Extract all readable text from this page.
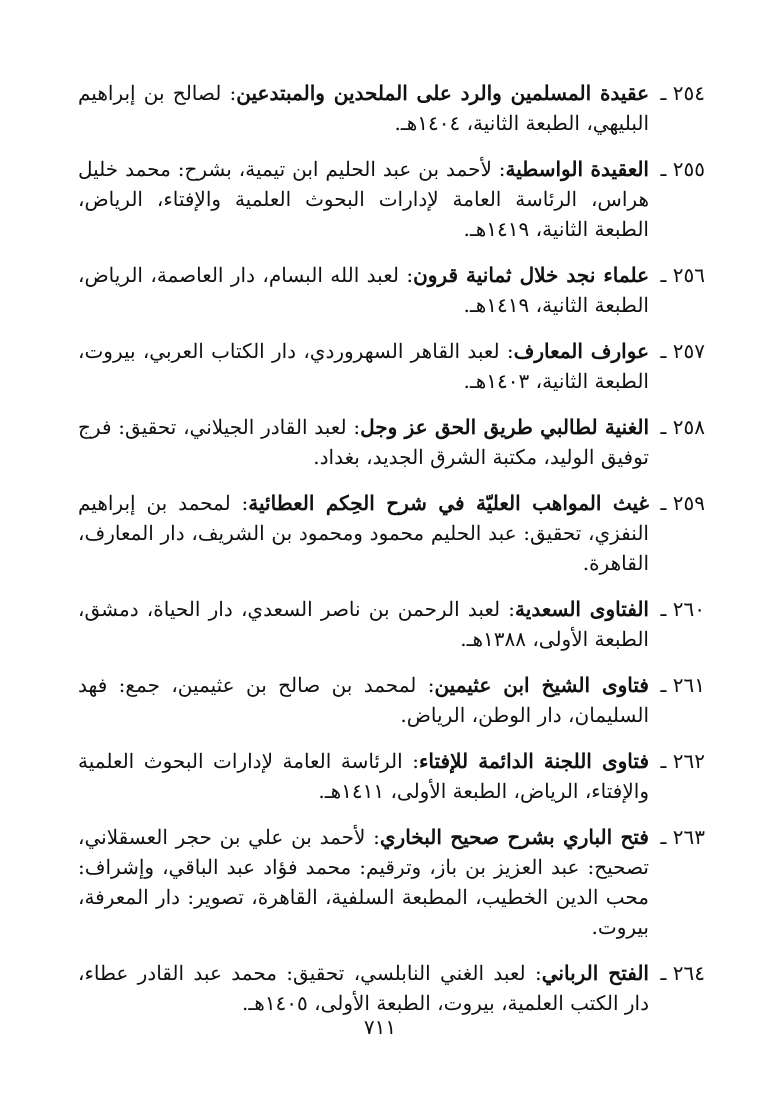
٢٥٤ ـ
عقيدة المسلمين والرد على الملحدين والمبتدعين: لصالح بن إبراهيم البليهي، الطبعة الثانية، ١٤٠٤هـ.
٢٥٥ ـ
العقيدة الواسطية: لأحمد بن عبد الحليم ابن تيمية، بشرح: محمد خليل هراس، الرئاسة العامة لإدارات البحوث العلمية والإفتاء، الرياض، الطبعة الثانية، ١٤١٩هـ.
٢٥٦ ـ
علماء نجد خلال ثمانية قرون: لعبد الله البسام، دار العاصمة، الرياض، الطبعة الثانية، ١٤١٩هـ.
٢٥٧ ـ
عوارف المعارف: لعبد القاهر السهروردي، دار الكتاب العربي، بيروت، الطبعة الثانية، ١٤٠٣هـ.
٢٥٨ ـ
الغنية لطالبي طريق الحق عز وجل: لعبد القادر الجيلاني، تحقيق: فرج توفيق الوليد، مكتبة الشرق الجديد، بغداد.
٢٥٩ ـ
غيث المواهب العليّة في شرح الحِكم العطائية: لمحمد بن إبراهيم النفزي، تحقيق: عبد الحليم محمود ومحمود بن الشريف، دار المعارف، القاهرة.
٢٦٠ ـ
الفتاوى السعدية: لعبد الرحمن بن ناصر السعدي، دار الحياة، دمشق، الطبعة الأولى، ١٣٨٨هـ.
٢٦١ ـ
فتاوى الشيخ ابن عثيمين: لمحمد بن صالح بن عثيمين، جمع: فهد السليمان، دار الوطن، الرياض.
٢٦٢ ـ
فتاوى اللجنة الدائمة للإفتاء: الرئاسة العامة لإدارات البحوث العلمية والإفتاء، الرياض، الطبعة الأولى، ١٤١١هـ.
٢٦٣ ـ
فتح الباري بشرح صحيح البخاري: لأحمد بن علي بن حجر العسقلاني، تصحيح: عبد العزيز بن باز، وترقيم: محمد فؤاد عبد الباقي، وإشراف: محب الدين الخطيب، المطبعة السلفية، القاهرة، تصوير: دار المعرفة، بيروت.
٢٦٤ ـ
الفتح الرباني: لعبد الغني النابلسي، تحقيق: محمد عبد القادر عطاء، دار الكتب العلمية، بيروت، الطبعة الأولى، ١٤٠٥هـ.
٧١١
